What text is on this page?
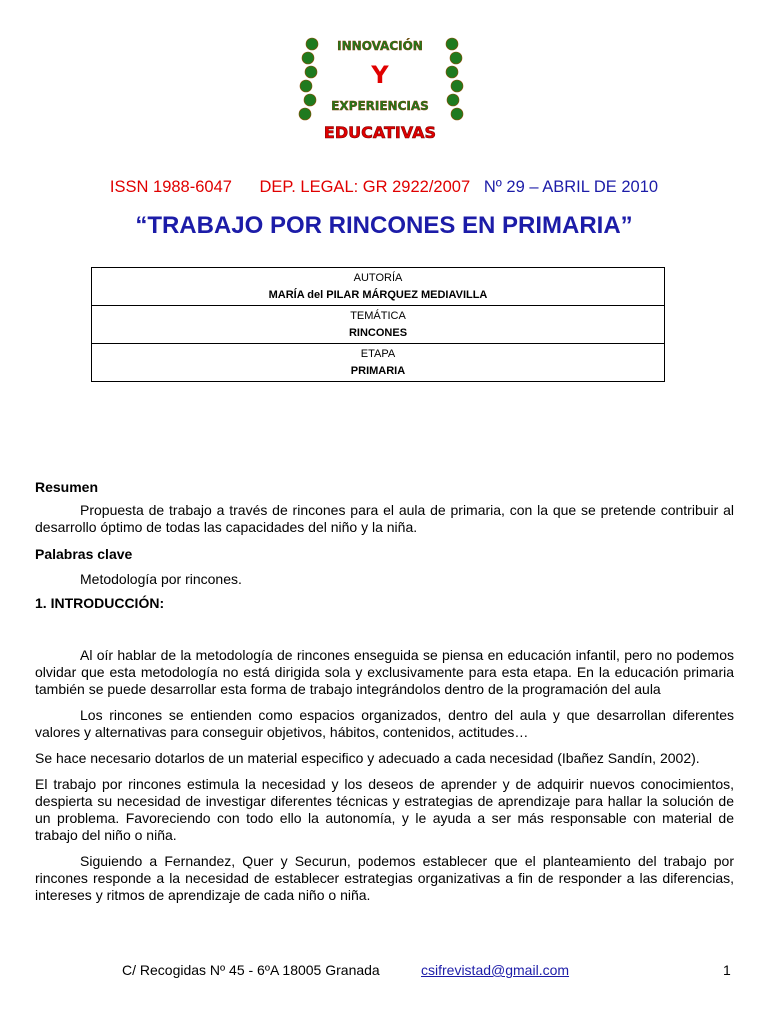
INNOVACIÓN
Y
EXPERIENCIAS
EDUCATIVAS
ISSN 1988-6047 DEP. LEGAL: GR 2922/2007 Nº 29 – ABRIL DE 2010
“TRABAJO POR RINCONES EN PRIMARIA”
AUTORÍA
MARÍA del PILAR MÁRQUEZ MEDIAVILLA

TEMÁTICA
RINCONES

ETAPA
PRIMARIA

Resumen

Propuesta de trabajo a través de rincones para el aula de primaria, con la que se pretende contribuir al desarrollo óptimo de todas las capacidades del niño y la niña.

Palabras clave

Metodología por rincones.

1. INTRODUCCIÓN:

Al oír hablar de la metodología de rincones enseguida se piensa en educación infantil, pero no podemos olvidar que esta metodología no está dirigida sola y exclusivamente para esta etapa. En la educación primaria también se puede desarrollar esta forma de trabajo integrándolos dentro de la programación del aula

Los rincones se entienden como espacios organizados, dentro del aula y que desarrollan diferentes valores y alternativas para conseguir objetivos, hábitos, contenidos, actitudes…

Se hace necesario dotarlos de un material especifico y adecuado a cada necesidad (Ibañez Sandín, 2002).

El trabajo por rincones estimula la necesidad y los deseos de aprender y de adquirir nuevos conocimientos, despierta su necesidad de investigar diferentes técnicas y estrategias de aprendizaje para hallar la solución de un problema. Favoreciendo con todo ello la autonomía, y le ayuda a ser más responsable con material de trabajo del niño o niña.

Siguiendo a Fernandez, Quer y Securun, podemos establecer que el planteamiento del trabajo por rincones responde a la necesidad de establecer estrategias organizativas a fin de responder a las diferencias, intereses y ritmos de aprendizaje de cada niño o niña.

C/ Recogidas Nº 45 - 6ºA 18005 Granada	csifrevistad@gmail.com	1
